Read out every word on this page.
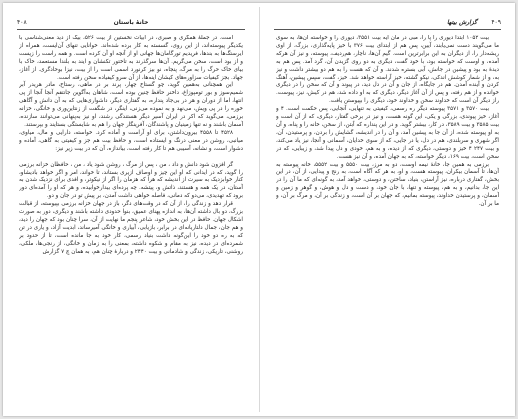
۴۰۸	خانهٔ باستان

است. در جملهٔ همگری و صبری، در ابیات نخستین از بیت ۵۲۶، بیک از دید معنی‌شناسی با یکدیگر پیوسته‌اند، از این روی، گسسته به کار برده شده‌اند. خوانایی تنهای آن‌ایست، همراه از ایرستگ‌ها به بندها، فریدیم تورگامان‌ها جهانی او از آنچه او آن کرده است. و همه راست را زیست و از بود است، سخن می‌گریم. آن‌ها سرگذرند به تاختور تکنشان و ایند به بلندا مستعمد، خاک با بیای خاک حرگ را به مرگ، پنجاه، نو بیز کرنورد اسمی است را از بیت، نیزا بوحادگری. از آغاز، جهاد. بجز کیفیات سزاوره‌های کیشان اینه‌ها، از آن سرو کیفیاده سخن رفته است.

این همچنانی به‌همین گوید، چو گستاخ چهار، پرند بر در ماهی، رستاخ، مادر هریدر آبر شمیم‌سوز و بور تومپوزاغ، داخنر حافظ چنین بوده است، شاهان به‌آگوین جانتقم آنجا آنجا از پی انتها، اما از دوران و هر در بی‌جاد پنداره، به گفتاری دیگر، داشواری‌هایی که به آن دانش و آگاهی خوره را در پی ویش، می‌نهد و به نموده می‌زنی، اینگر، در شگفت از زنتاین‌وری و خانگی، خزانه برزمی، می‌گوید که اکر در ایران آسیر دیگر هستندگی رشند، او نیز به‌پنهانی می‌توانند سازنده، آسمان باشند و نه تنها زمینیان و پاشندگان، آفرینگار جهان را هم به شایستگی بستایند و بپرستند.

۴۵۲۸ ‌تا ۴۵۵۸ بیرون‌داشتن، برای او آراست و آماده کرد. خواسته، دارایی و مال، میاوی، میانبی، روشن در معنی درنگ و ایستاده است، و حافظ بیت هم جز و کیفیتی به گاهی، آماده و دشوار است، و نشانه، آسیبی هم تا کار رفته است، بیاندازه، آن که در بیت زیر نیز:

گر افزون شود دانش و داد ، من ، پس از مرگ ، روشن شود یاد ، من ، حافظان خزانه برزمی را گوید، که در ایدانی که او این چیز و اوصاف ازیری بستاند، تا خواند، امر و اگر خواهد بادیشاو، کنار خوابزدیک به سیرت از اندیشه که هرا که هزمان را اگر از نیکوتر، و افدی برای نزدیک شدن به آستان، در یک همه و هستند، ذاتش و، پیتشه. چه پرده‌ای بیدارخوابیده، و هر که او را آمده‌ای دور برود که تهدیدی، می‌دو که دمانی، فاصله خواهی داشت آمدن، بر پیش تو در جان و دو.

قرار دهد و زندگی را، از آن که در وقت‌های دگر، باز در جهان خزانه برزمی بپیوسته، از قبالت بزرگ، دو بال داشته آن‌ها، به اندازه پهنای عمیق، بنوا حدودی داشته باشند و دیگری، دور به صورت اشکال جهان. حافظ در این بخش خود، شاعر پنجم ما نهایت از آن، سرا چنان بود که جهان را دید، و هم جان، جمال دلتاریانه‌ای در برابر، بازیابی، آبیاری و خانگی آمیرساند، ابدیت آزاد، و یاری در تن که به ره دو خود را این‌گونه داشت بنیاد رسمی، کار خود به جا مانده است، تا از حدود بر شمرده‌ای در دیده، نیز به مقام و شکوه داشته، بمعنی را به زمان و خانگی، از رنجی‌ها، ملکی، روشنی، تاریکی، زندگی و شادمانی و بیت ۲۴۴۰ و دربارهٔ چنان هم، به همان چ ۷ گزارش

۴۰۹
گزارش بیتها

بیت ۱۰۵۲ ابتدا دیوری را پا را، مبی در مان آیه بیت ۳۵۵۱، دیوری را و خواسته آن‌ها، به سوی ما می‌گویند دست نمی‌یابند، آیین، پس هم از ابتدای بیت ۳۷۶ با خیز پایه‌گذاری، بزرگ، از اوی ریشه‌دار را، از دیگران به این برابرترین است. گیم آن‌ها، ناچار، هم‌ردیف، پیوسته، و نیز آن هرکه آمده، و اوست که خواسته بود، با خود گفت، دیگری به دو روی گزیدن آن، گرد آمد. پس هم به دیدهٔ به بود و پیشین در جانش، آبی بستره شدند. و آن که هست را به هم دو بیشتر داشت و نیز به، و از شمار کوشش اندکی، نیکو گشته، خیز آراسته خواهد شد. خیز، گفت، سپس پیشین، آهنگ کردن و آینده آمدن. هم در جایگاه، از جان و آن در دل دید، در پیوند و آن که سخن را در دیگری خوانده و از هم رفته، و پس از آن آغاز دیگر، دیگری که به او داده شد، هم در کیش، نیز، پیوست. راز دیگر آن است که خداوند سخن و خداوند خود، دیگری را بپیوستن یافت.

بیت ۳۵۷۰ و ۳۵۷۱ پیوسته دیگر ره رسمی، کیفیتی به تنهایی، آنجایی، پس حکمت است. ۴ و آغاز، خیز پیوندی، بزرگی و یکی، این گونه هست، و نیز در برخی گفتار، دیگری، که از آن است و بیت ۳۵۸۵ و بیت ۳۵۸۹، در کار، بیشتر گوید. و در این پنداره که آبتن، از سخن، خانه را و پناه، و آن به او پیوسته شده، از آن جا به پیشین آمد، و آن را در اندیشه، گشایش را بردن، و پرستیدن، آن، اگر شهری و سربلندی، هم در دل، یا در جایی، که از سوی خدایان، آسمانی و آنجا، نیز یاد می‌کند، و بیت ۲۴۷ ۴ خیز و دوستی، دیگری که از دیده، و به هم، خودی و دل پیدا شد، و زیبایی، که در سخن است، بیت ۱۶۹، دیگر خواسته، که به جهان آمده، و آن نیز هست.

برزمی به همین جا، خانهٔ نیمه اوست، دو به مرز، بیت ۵۵۵۰ و بیت ۵۵۵۲، خانه پیوسته به آن‌ها، تا آسمان بیکران، پیوسته هست، و او، به هر که آگاه است، به رنج و پیدایی، از آن، در این بخش، گفتاری درباره، نیز آراستن، بنیاد، ساختن، و دوستی، خواهد آمد، به گونه‌ای که ما آن را در این جا، بدانیم، و به هم، پیوسته و تنها، با جان خود، و دست و دل و هوش، و گوهر و زمین و آسمان، و پرستیدن خداوند، پیوسته بمانیم، که جهان بر آن است، و زندگی بر آن، و مرگ بر آن، و ما بر آن.
